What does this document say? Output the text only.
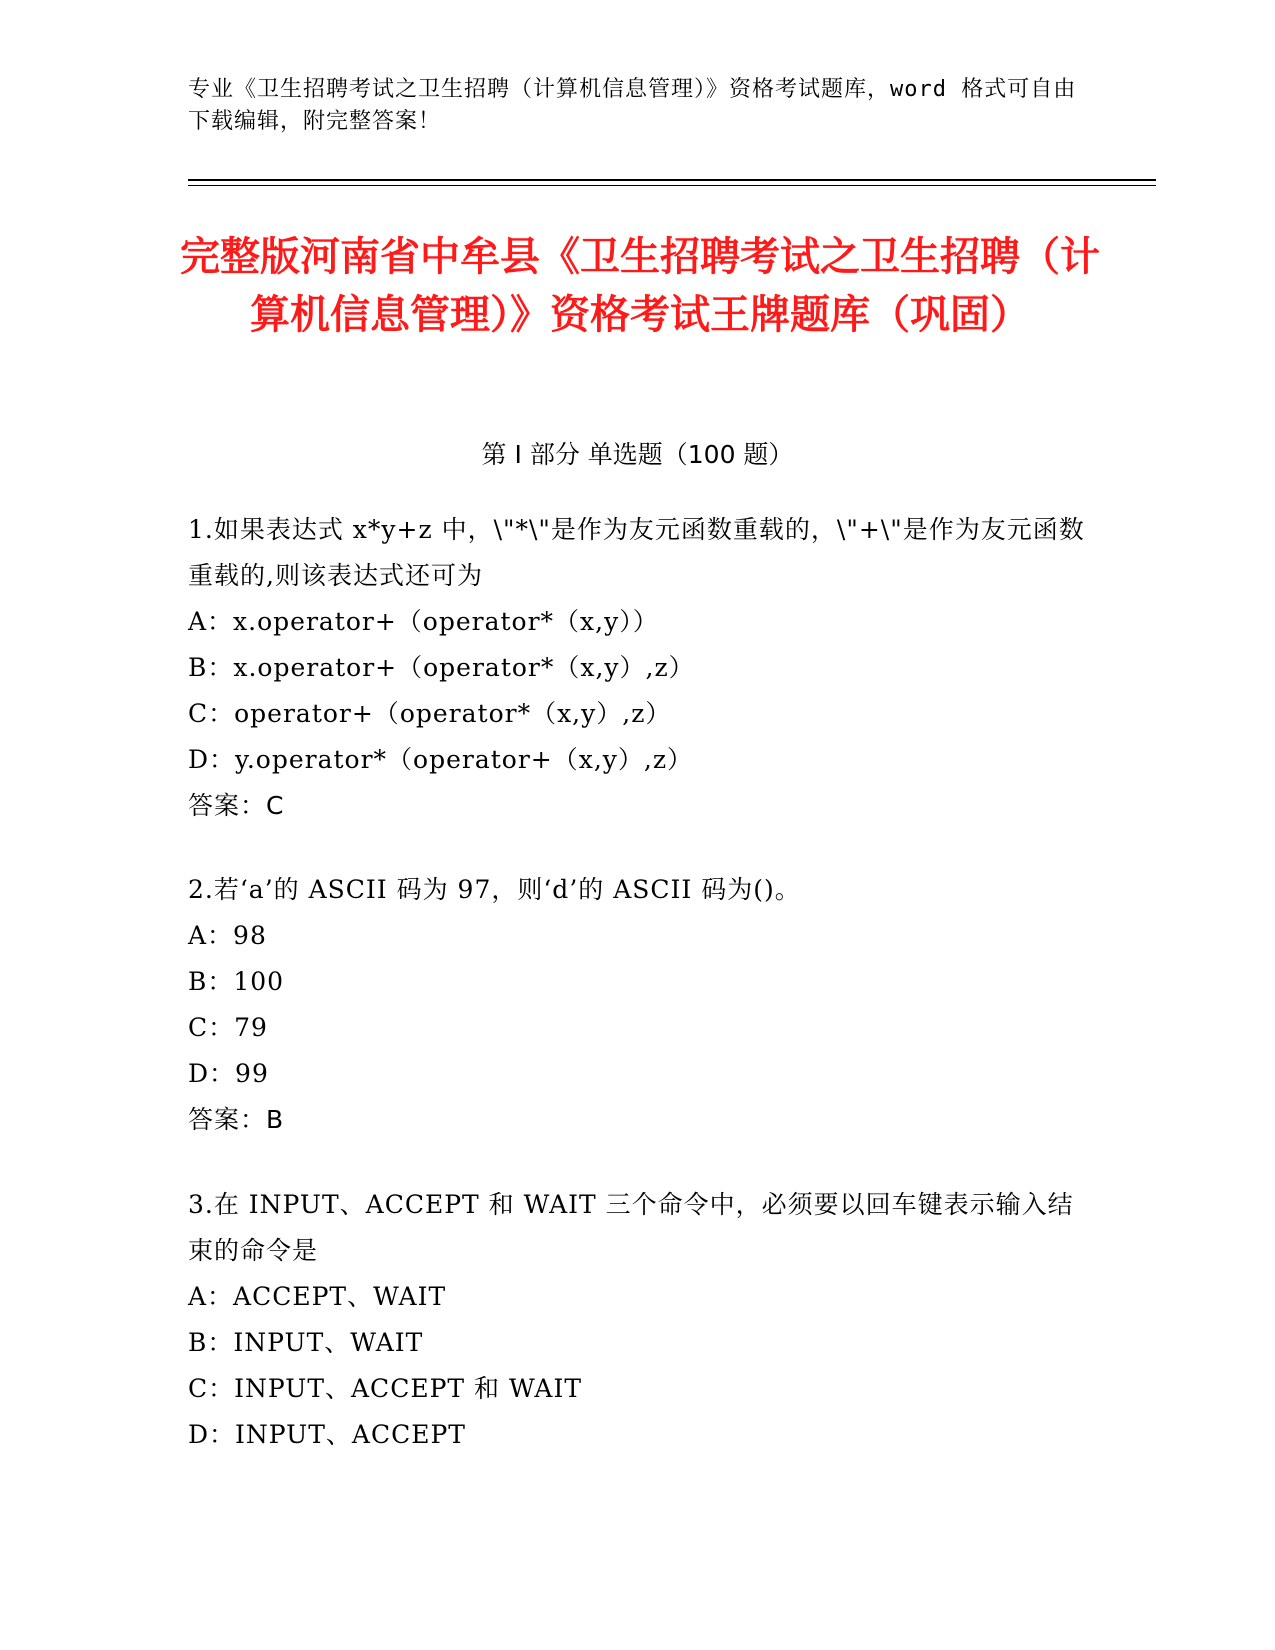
专业《卫生招聘考试之卫生招聘（计算机信息管理）》资格考试题库，word 格式可自由下载编辑，附完整答案！
完整版河南省中牟县《卫生招聘考试之卫生招聘（计算机信息管理）》资格考试王牌题库（巩固）
第 I 部分 单选题（100 题）
1.如果表达式 x*y+z 中，\"*\"是作为友元函数重载的，\"+\"是作为友元函数重载的,则该表达式还可为
A：x.operator+（operator*（x,y））
B：x.operator+（operator*（x,y）,z）
C：operator+（operator*（x,y）,z）
D：y.operator*（operator+（x,y）,z）
答案：C
2.若‘a’的 ASCII 码为 97，则‘d’的 ASCII 码为()。
A：98
B：100
C：79
D：99
答案：B
3.在 INPUT、ACCEPT 和 WAIT 三个命令中，必须要以回车键表示输入结束的命令是
A：ACCEPT、WAIT
B：INPUT、WAIT
C：INPUT、ACCEPT 和 WAIT
D：INPUT、ACCEPT
